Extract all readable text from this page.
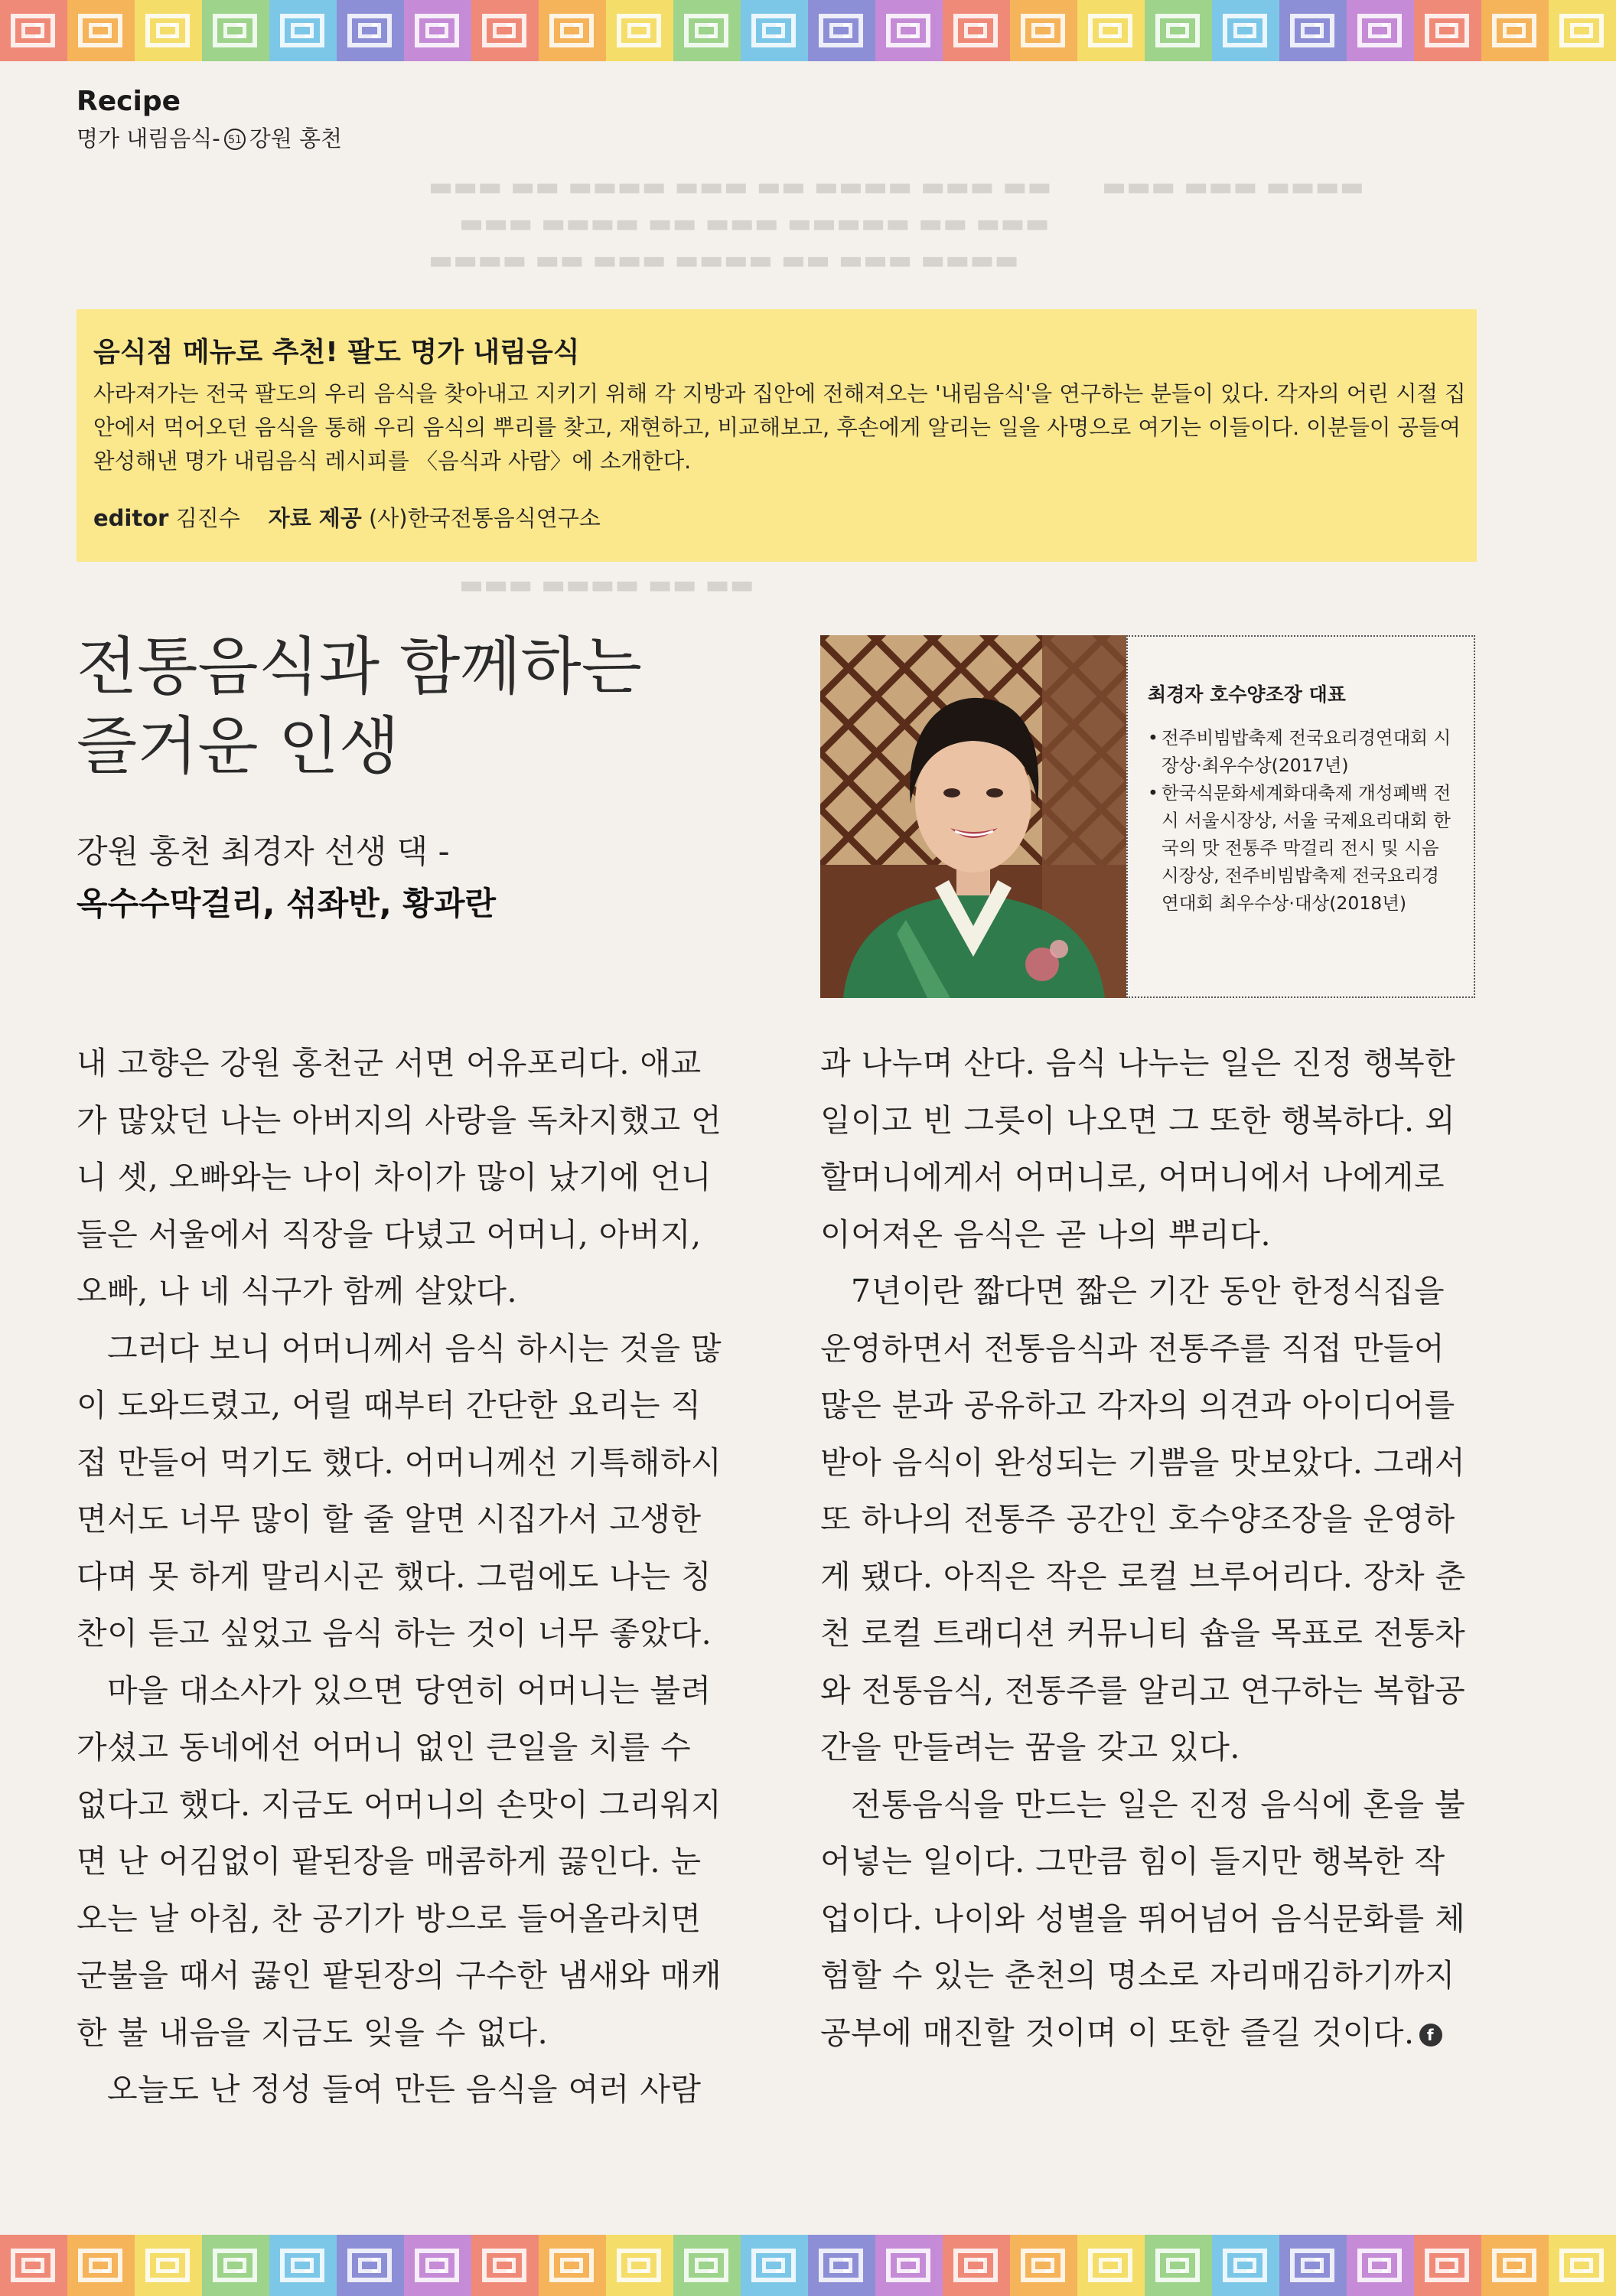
Recipe
명가 내림음식- 51 강원 홍천
▬▬▬ ▬▬ ▬▬▬▬ ▬▬▬ ▬▬ ▬▬▬▬ ▬▬▬ ▬▬ ▬▬▬ ▬▬▬ ▬▬▬▬
▬▬▬ ▬▬▬▬ ▬▬ ▬▬▬ ▬▬▬▬▬ ▬▬ ▬▬▬
▬▬▬▬ ▬▬ ▬▬▬ ▬▬▬▬ ▬▬ ▬▬▬ ▬▬▬▬
▬▬▬ ▬▬▬▬ ▬▬ ▬▬
음식점 메뉴로 추천! 팔도 명가 내림음식
사라져가는 전국 팔도의 우리 음식을 찾아내고 지키기 위해 각 지방과 집안에 전해져오는 '내림음식'을 연구하는 분들이 있다. 각자의 어린 시절 집안에서 먹어오던 음식을 통해 우리 음식의 뿌리를 찾고, 재현하고, 비교해보고, 후손에게 알리는 일을 사명으로 여기는 이들이다. 이분들이 공들여 완성해낸 명가 내림음식 레시피를 〈음식과 사람〉에 소개한다.
editor 김진수 자료 제공 (사)한국전통음식연구소
전통음식과 함께하는
즐거운 인생
강원 홍천 최경자 선생 댁 -
옥수수막걸리, 섞좌반, 황과란
최경자 호수양조장 대표
• 전주비빔밥축제 전국요리경연대회 시장상·최우수상(2017년)
• 한국식문화세계화대축제 개성폐백 전시 서울시장상, 서울 국제요리대회 한국의 맛 전통주 막걸리 전시 및 시음 시장상, 전주비빔밥축제 전국요리경연대회 최우수상·대상(2018년)

내 고향은 강원 홍천군 서면 어유포리다. 애교가 많았던 나는 아버지의 사랑을 독차지했고 언니 셋, 오빠와는 나이 차이가 많이 났기에 언니들은 서울에서 직장을 다녔고 어머니, 아버지, 오빠, 나 네 식구가 함께 살았다.

그러다 보니 어머니께서 음식 하시는 것을 많이 도와드렸고, 어릴 때부터 간단한 요리는 직접 만들어 먹기도 했다. 어머니께선 기특해하시면서도 너무 많이 할 줄 알면 시집가서 고생한다며 못 하게 말리시곤 했다. 그럼에도 나는 칭찬이 듣고 싶었고 음식 하는 것이 너무 좋았다.

마을 대소사가 있으면 당연히 어머니는 불려 가셨고 동네에선 어머니 없인 큰일을 치를 수 없다고 했다. 지금도 어머니의 손맛이 그리워지면 난 어김없이 팥된장을 매콤하게 끓인다. 눈 오는 날 아침, 찬 공기가 방으로 들어올라치면 군불을 때서 끓인 팥된장의 구수한 냄새와 매캐한 불 내음을 지금도 잊을 수 없다.

오늘도 난 정성 들여 만든 음식을 여러 사람

과 나누며 산다. 음식 나누는 일은 진정 행복한 일이고 빈 그릇이 나오면 그 또한 행복하다. 외할머니에게서 어머니로, 어머니에서 나에게로 이어져온 음식은 곧 나의 뿌리다.

7년이란 짧다면 짧은 기간 동안 한정식집을 운영하면서 전통음식과 전통주를 직접 만들어 많은 분과 공유하고 각자의 의견과 아이디어를 받아 음식이 완성되는 기쁨을 맛보았다. 그래서 또 하나의 전통주 공간인 호수양조장을 운영하게 됐다. 아직은 작은 로컬 브루어리다. 장차 춘천 로컬 트래디션 커뮤니티 숍을 목표로 전통차와 전통음식, 전통주를 알리고 연구하는 복합공간을 만들려는 꿈을 갖고 있다.

전통음식을 만드는 일은 진정 음식에 혼을 불어넣는 일이다. 그만큼 힘이 들지만 행복한 작업이다. 나이와 성별을 뛰어넘어 음식문화를 체험할 수 있는 춘천의 명소로 자리매김하기까지 공부에 매진할 것이며 이 또한 즐길 것이다. f
